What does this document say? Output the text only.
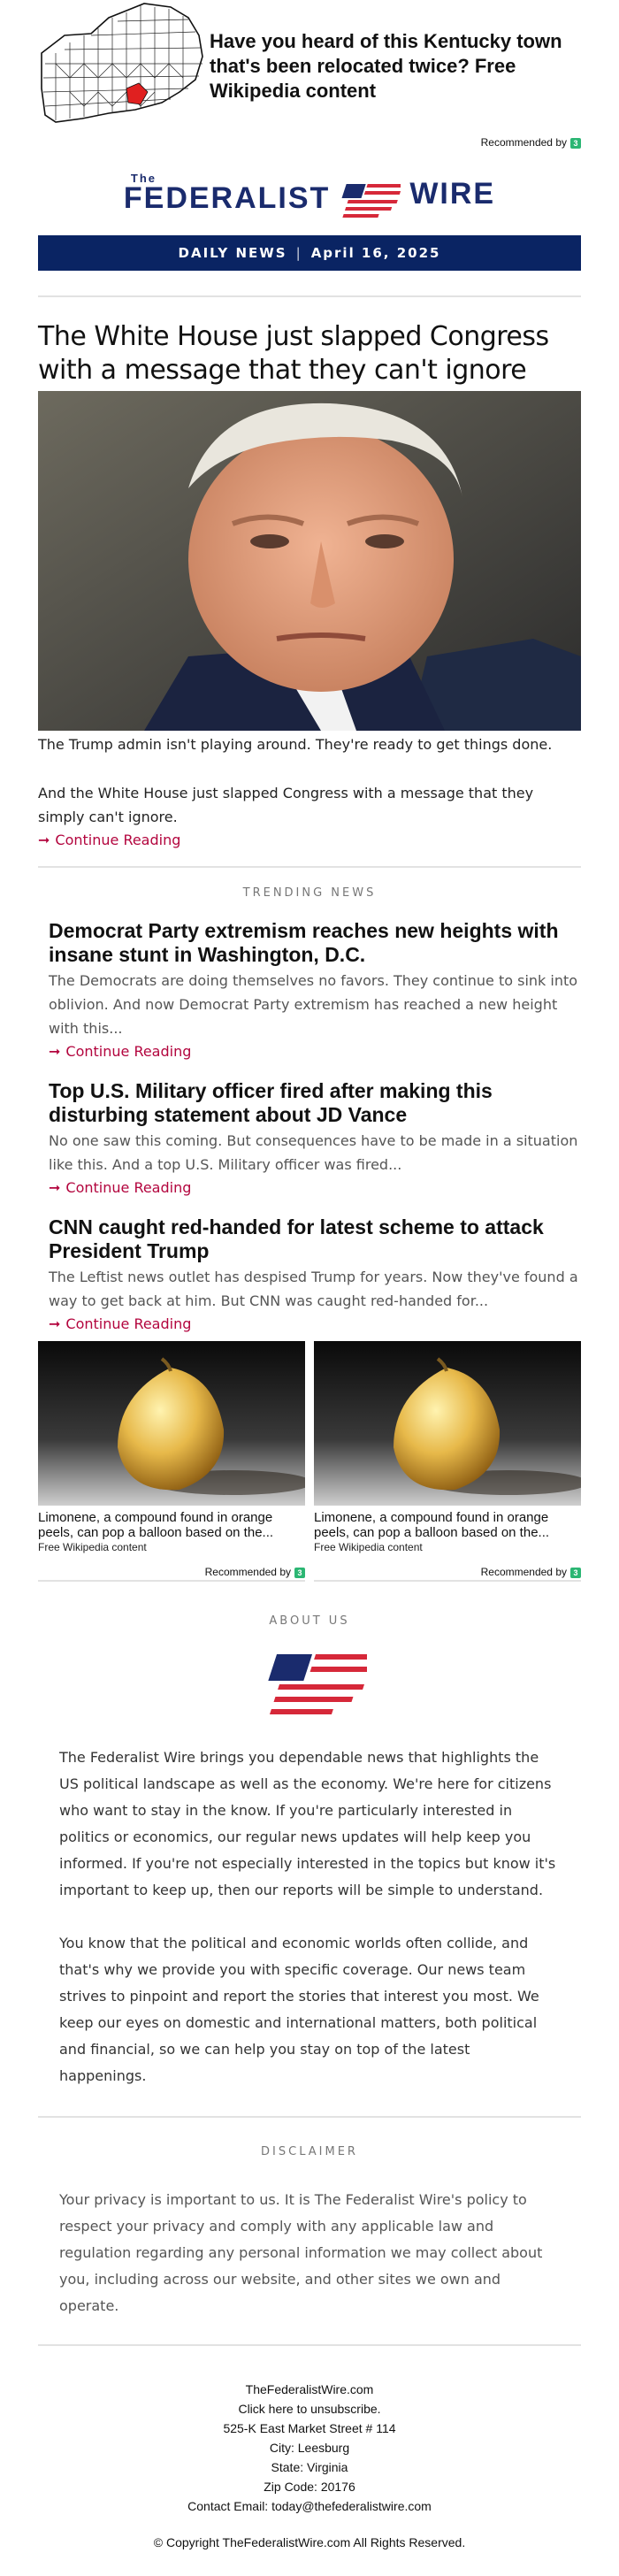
Have you heard of this Kentucky town that's been relocated twice? Free Wikipedia content
Recommended by 3
The
FEDERALIST	WIRE
DAILY NEWS | April 16, 2025
The White House just slapped Congress with a message that they can't ignore

The Trump admin isn't playing around. They're ready to get things done.

And the White House just slapped Congress with a message that they simply can't ignore.

➞ Continue Reading
TRENDING NEWS
Democrat Party extremism reaches new heights with insane stunt in Washington, D.C.

The Democrats are doing themselves no favors. They continue to sink into oblivion. And now Democrat Party extremism has reached a new height with this...

➞ Continue Reading
Top U.S. Military officer fired after making this disturbing statement about JD Vance

No one saw this coming. But consequences have to be made in a situation like this. And a top U.S. Military officer was fired...

➞ Continue Reading
CNN caught red-handed for latest scheme to attack President Trump

The Leftist news outlet has despised Trump for years. Now they've found a way to get back at him. But CNN was caught red-handed for...

➞ Continue Reading
Limonene, a compound found in orange peels, can pop a balloon based on the...
Free Wikipedia content
Recommended by 3
Limonene, a compound found in orange peels, can pop a balloon based on the...
Free Wikipedia content
Recommended by 3
ABOUT US

The Federalist Wire brings you dependable news that highlights the US political landscape as well as the economy. We're here for citizens who want to stay in the know. If you're particularly interested in politics or economics, our regular news updates will help keep you informed. If you're not especially interested in the topics but know it's important to keep up, then our reports will be simple to understand.

You know that the political and economic worlds often collide, and that's why we provide you with specific coverage. Our news team strives to pinpoint and report the stories that interest you most. We keep our eyes on domestic and international matters, both political and financial, so we can help you stay on top of the latest happenings.

DISCLAIMER

Your privacy is important to us. It is The Federalist Wire's policy to respect your privacy and comply with any applicable law and regulation regarding any personal information we may collect about you, including across our website, and other sites we own and operate.

TheFederalistWire.com
Click here to unsubscribe.
525-K East Market Street # 114
City: Leesburg
State: Virginia
Zip Code: 20176
Contact Email: today@thefederalistwire.com
© Copyright TheFederalistWire.com All Rights Reserved.
